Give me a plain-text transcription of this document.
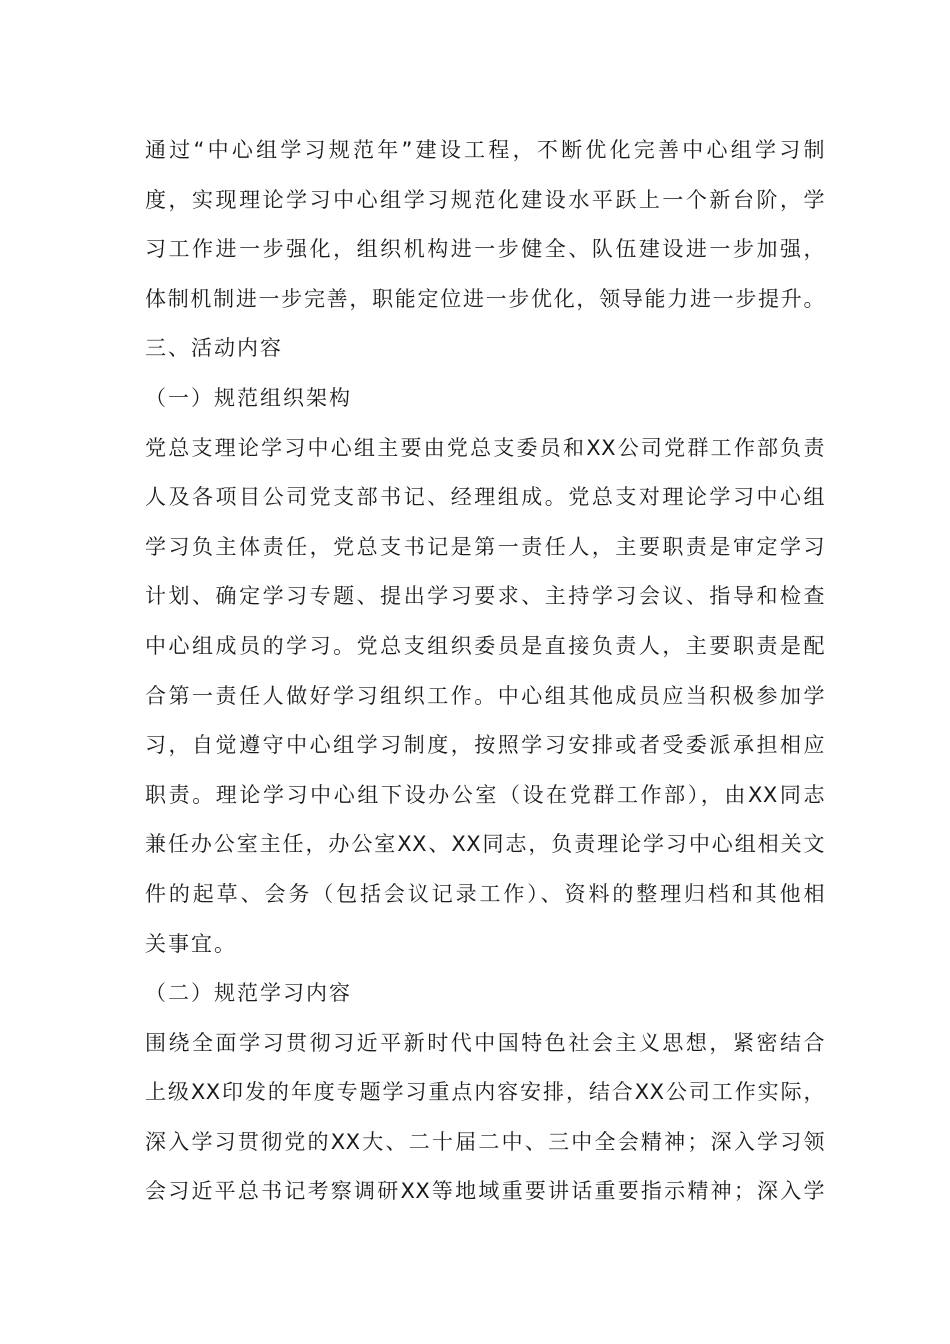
通过“中心组学习规范年”建设工程，不断优化完善中心组学习制
度，实现理论学习中心组学习规范化建设水平跃上一个新台阶，学
习工作进一步强化，组织机构进一步健全、队伍建设进一步加强，
体制机制进一步完善，职能定位进一步优化，领导能力进一步提升。
三、活动内容
（一）规范组织架构
党总支理论学习中心组主要由党总支委员和XX公司党群工作部负责
人及各项目公司党支部书记、经理组成。党总支对理论学习中心组
学习负主体责任，党总支书记是第一责任人，主要职责是审定学习
计划、确定学习专题、提出学习要求、主持学习会议、指导和检查
中心组成员的学习。党总支组织委员是直接负责人，主要职责是配
合第一责任人做好学习组织工作。中心组其他成员应当积极参加学
习，自觉遵守中心组学习制度，按照学习安排或者受委派承担相应
职责。理论学习中心组下设办公室（设在党群工作部），由XX同志
兼任办公室主任，办公室XX、XX同志，负责理论学习中心组相关文
件的起草、会务（包括会议记录工作）、资料的整理归档和其他相
关事宜。
（二）规范学习内容
围绕全面学习贯彻习近平新时代中国特色社会主义思想，紧密结合
上级XX印发的年度专题学习重点内容安排，结合XX公司工作实际，
深入学习贯彻党的XX大、二十届二中、三中全会精神；深入学习领
会习近平总书记考察调研XX等地域重要讲话重要指示精神；深入学
